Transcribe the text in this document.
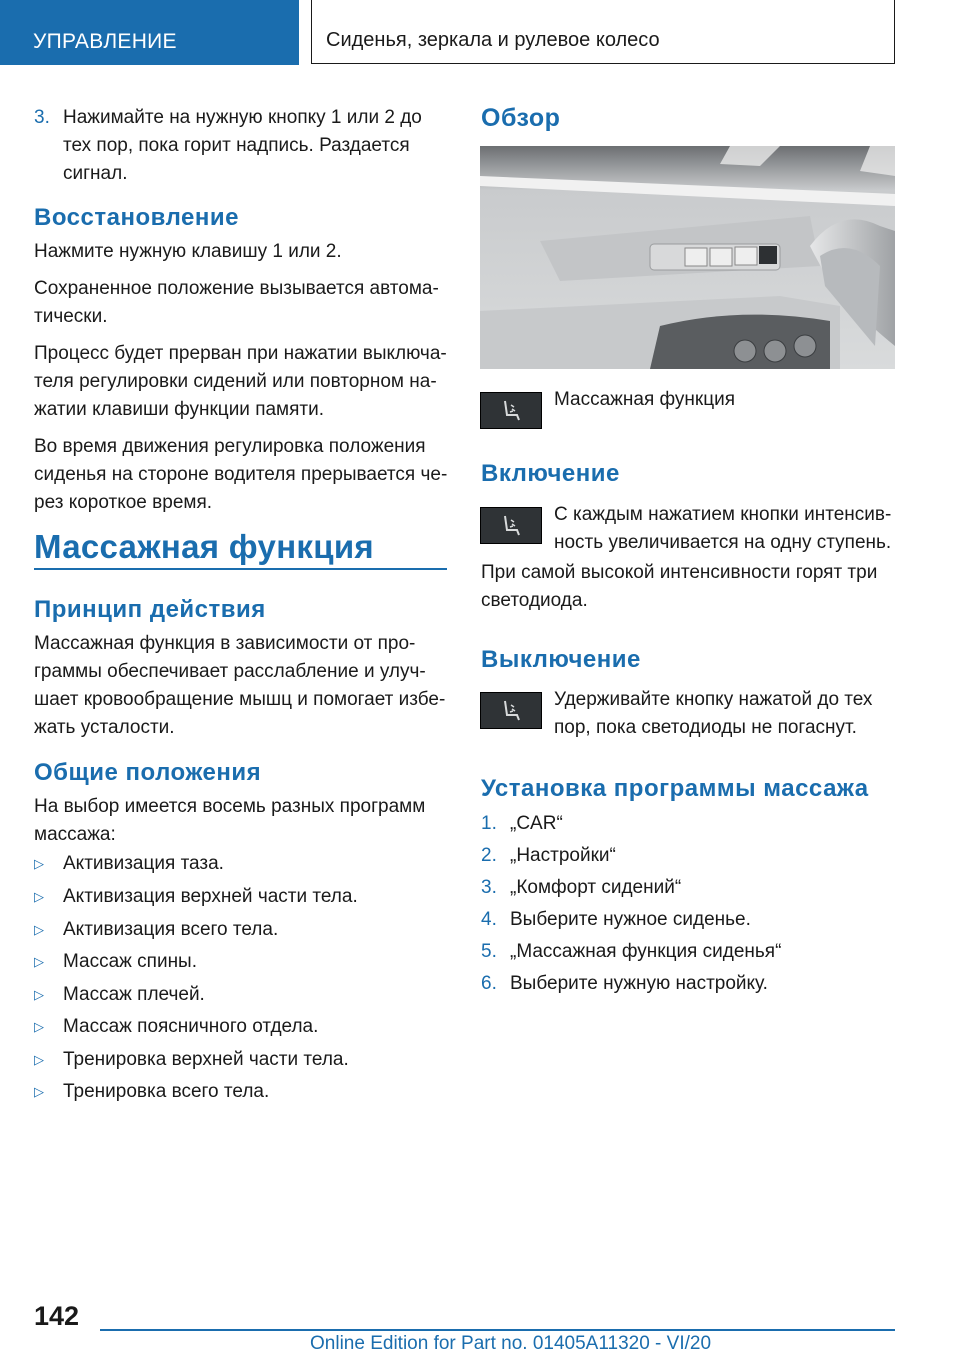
УПРАВЛЕНИЕ	Сиденья, зеркала и рулевое колесо
3. Нажимайте на нужную кнопку 1 или 2 до
тех пор, пока горит надпись. Раздается
сигнал.

Восстановление

Нажмите нужную клавишу 1 или 2.

Сохраненное положение вызывается автома-
тически.

Процесс будет прерван при нажатии выключа-
теля регулировки сидений или повторном на-
жатии клавиши функции памяти.

Во время движения регулировка положения
сиденья на стороне водителя прерывается че-
рез короткое время.

Массажная функция

Принцип действия

Массажная функция в зависимости от про-
граммы обеспечивает расслабление и улуч-
шает кровообращение мышц и помогает избе-
жать усталости.

Общие положения

На выбор имеется восемь разных программ
массажа:

▷ Активизация таза.
▷ Активизация верхней части тела.
▷ Активизация всего тела.
▷ Массаж спины.
▷ Массаж плечей.
▷ Массаж поясничного отдела.
▷ Тренировка верхней части тела.
▷ Тренировка всего тела.

Обзор

Массажная функция

Включение

С каждым нажатием кнопки интенсив-
ность увеличивается на одну ступень.

При самой высокой интенсивности горят три
светодиода.

Выключение

Удерживайте кнопку нажатой до тех
пор, пока светодиоды не погаснут.

Установка программы массажа

1. „CAR“
2. „Настройки“
3. „Комфорт сидений“
4. Выберите нужное сиденье.
5. „Массажная функция сиденья“
6. Выберите нужную настройку.
142
Online Edition for Part no. 01405A11320 - VI/20
